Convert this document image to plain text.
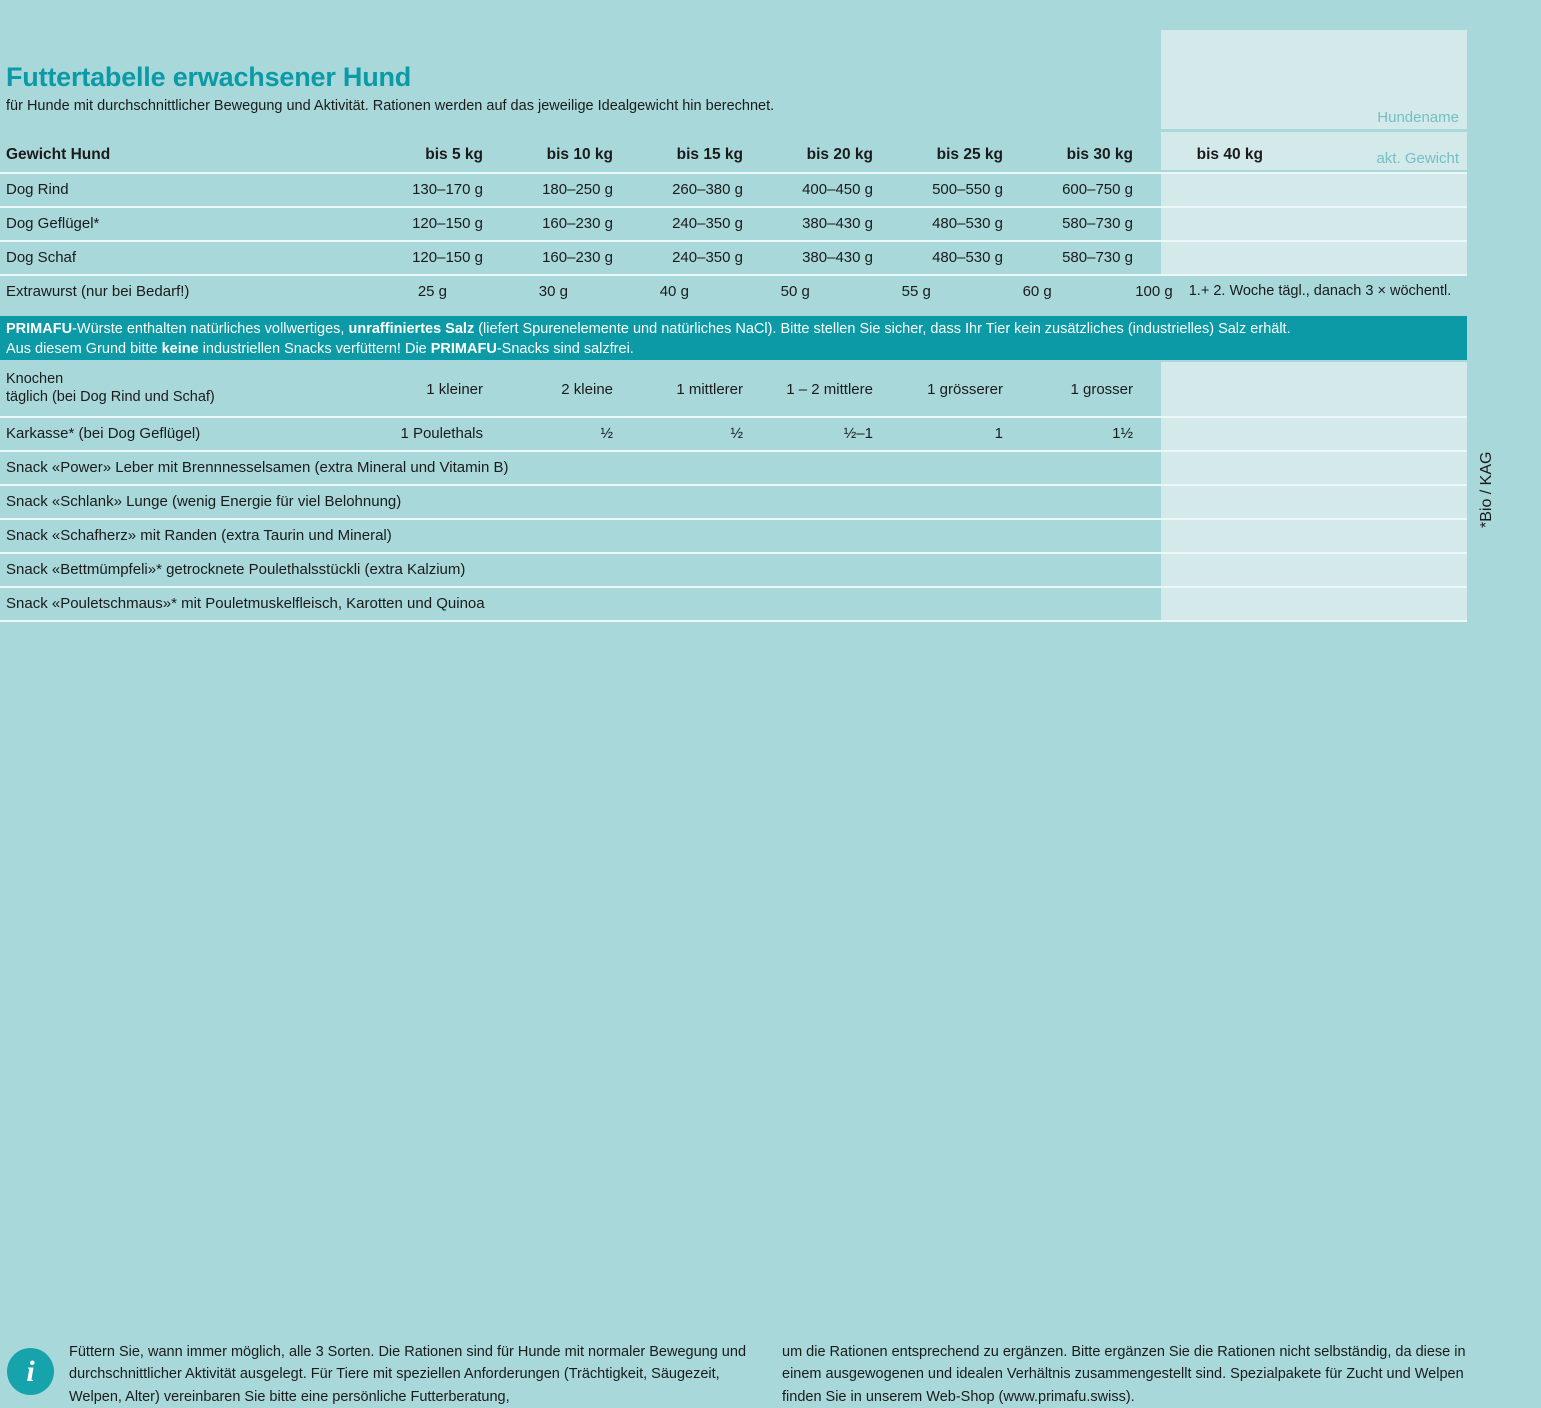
Futtertabelle erwachsener Hund
für Hunde mit durchschnittlicher Bewegung und Aktivität. Rationen werden auf das jeweilige Idealgewicht hin berechnet.
Hundename
akt. Gewicht
Gewicht Hund	bis 5 kg	bis 10 kg	bis 15 kg	bis 20 kg	bis 25 kg	bis 30 kg	bis 40 kg
Dog Rind	130–170 g	180–250 g	260–380 g	400–450 g	500–550 g	600–750 g
Dog Geflügel*	120–150 g	160–230 g	240–350 g	380–430 g	480–530 g	580–730 g
Dog Schaf	120–150 g	160–230 g	240–350 g	380–430 g	480–530 g	580–730 g
Extrawurst (nur bei Bedarf!)	25 g	30 g	40 g	50 g	55 g	60 g	100 g	1.+ 2. Woche tägl., danach 3 × wöchentl.
PRIMAFU-Würste enthalten natürliches vollwertiges, unraffiniertes Salz (liefert Spurenelemente und natürliches NaCl). Bitte stellen Sie sicher, dass Ihr Tier kein zusätzliches (industrielles) Salz erhält.
Aus diesem Grund bitte keine industriellen Snacks verfüttern! Die PRIMAFU-Snacks sind salzfrei.
Knochen
täglich (bei Dog Rind und Schaf)	1 kleiner	2 kleine	1 mittlerer	1 – 2 mittlere	1 grösserer	1 grosser
Karkasse* (bei Dog Geflügel)	1 Poulethals	½	½	½–1	1	1½
Snack «Power» Leber mit Brennnesselsamen (extra Mineral und Vitamin B)
Snack «Schlank» Lunge (wenig Energie für viel Belohnung)
Snack «Schafherz» mit Randen (extra Taurin und Mineral)
Snack «Bettmümpfeli»* getrocknete Poulethalsstückli (extra Kalzium)
Snack «Pouletschmaus»* mit Pouletmuskelfleisch, Karotten und Quinoa
*Bio / KAG
i
Füttern Sie, wann immer möglich, alle 3 Sorten. Die Rationen sind für Hunde mit normaler Bewegung und durchschnittlicher Aktivität ausgelegt. Für Tiere mit speziellen Anforderungen (Trächtigkeit, Säugezeit, Welpen, Alter) vereinbaren Sie bitte eine persönliche Futterberatung,
um die Rationen entsprechend zu ergänzen. Bitte ergänzen Sie die Rationen nicht selbständig, da diese in einem ausgewogenen und idealen Verhältnis zusammengestellt sind. Spezialpakete für Zucht und Welpen finden Sie in unserem Web-Shop (www.primafu.swiss).
